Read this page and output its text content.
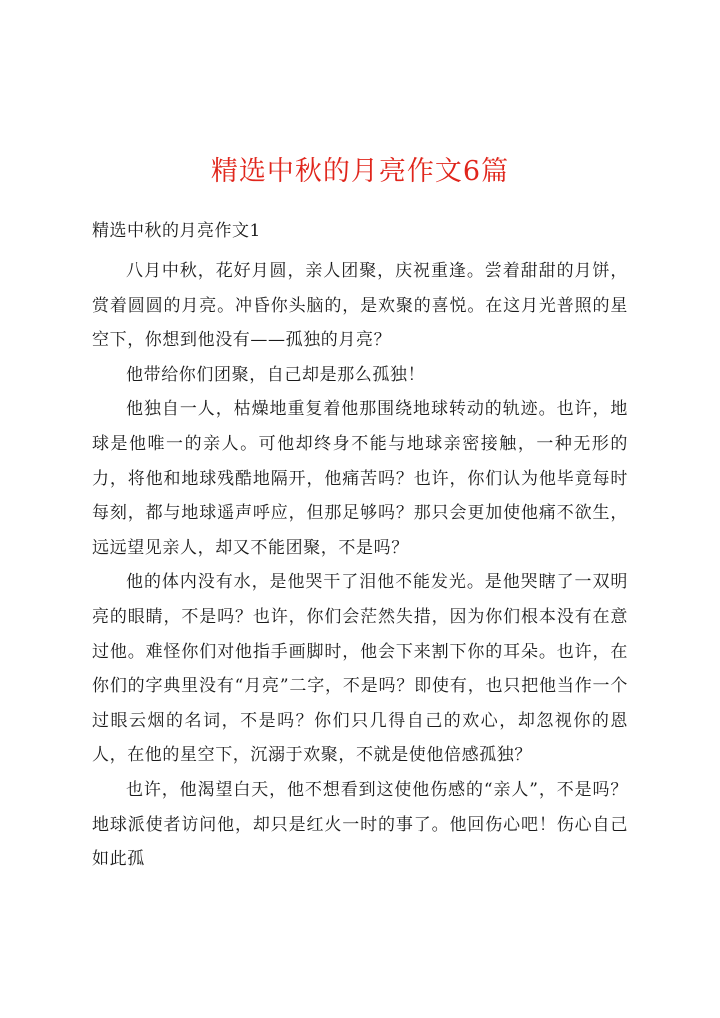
精选中秋的月亮作文6篇
精选中秋的月亮作文1

八月中秋，花好月圆，亲人团聚，庆祝重逢。尝着甜甜的月饼，赏着圆圆的月亮。冲昏你头脑的，是欢聚的喜悦。在这月光普照的星空下，你想到他没有——孤独的月亮？

他带给你们团聚，自己却是那么孤独！

他独自一人，枯燥地重复着他那围绕地球转动的轨迹。也许，地球是他唯一的亲人。可他却终身不能与地球亲密接触，一种无形的力，将他和地球残酷地隔开，他痛苦吗？也许，你们认为他毕竟每时每刻，都与地球遥声呼应，但那足够吗？那只会更加使他痛不欲生，远远望见亲人，却又不能团聚，不是吗？

他的体内没有水，是他哭干了泪他不能发光。是他哭瞎了一双明亮的眼睛，不是吗？也许，你们会茫然失措，因为你们根本没有在意过他。难怪你们对他指手画脚时，他会下来割下你的耳朵。也许，在你们的字典里没有“月亮”二字，不是吗？即使有，也只把他当作一个过眼云烟的名词，不是吗？你们只几得自己的欢心，却忽视你的恩人，在他的星空下，沉溺于欢聚，不就是使他倍感孤独？

也许，他渴望白天，他不想看到这使他伤感的“亲人”，不是吗？地球派使者访问他，却只是红火一时的事了。他回伤心吧！伤心自己如此孤
